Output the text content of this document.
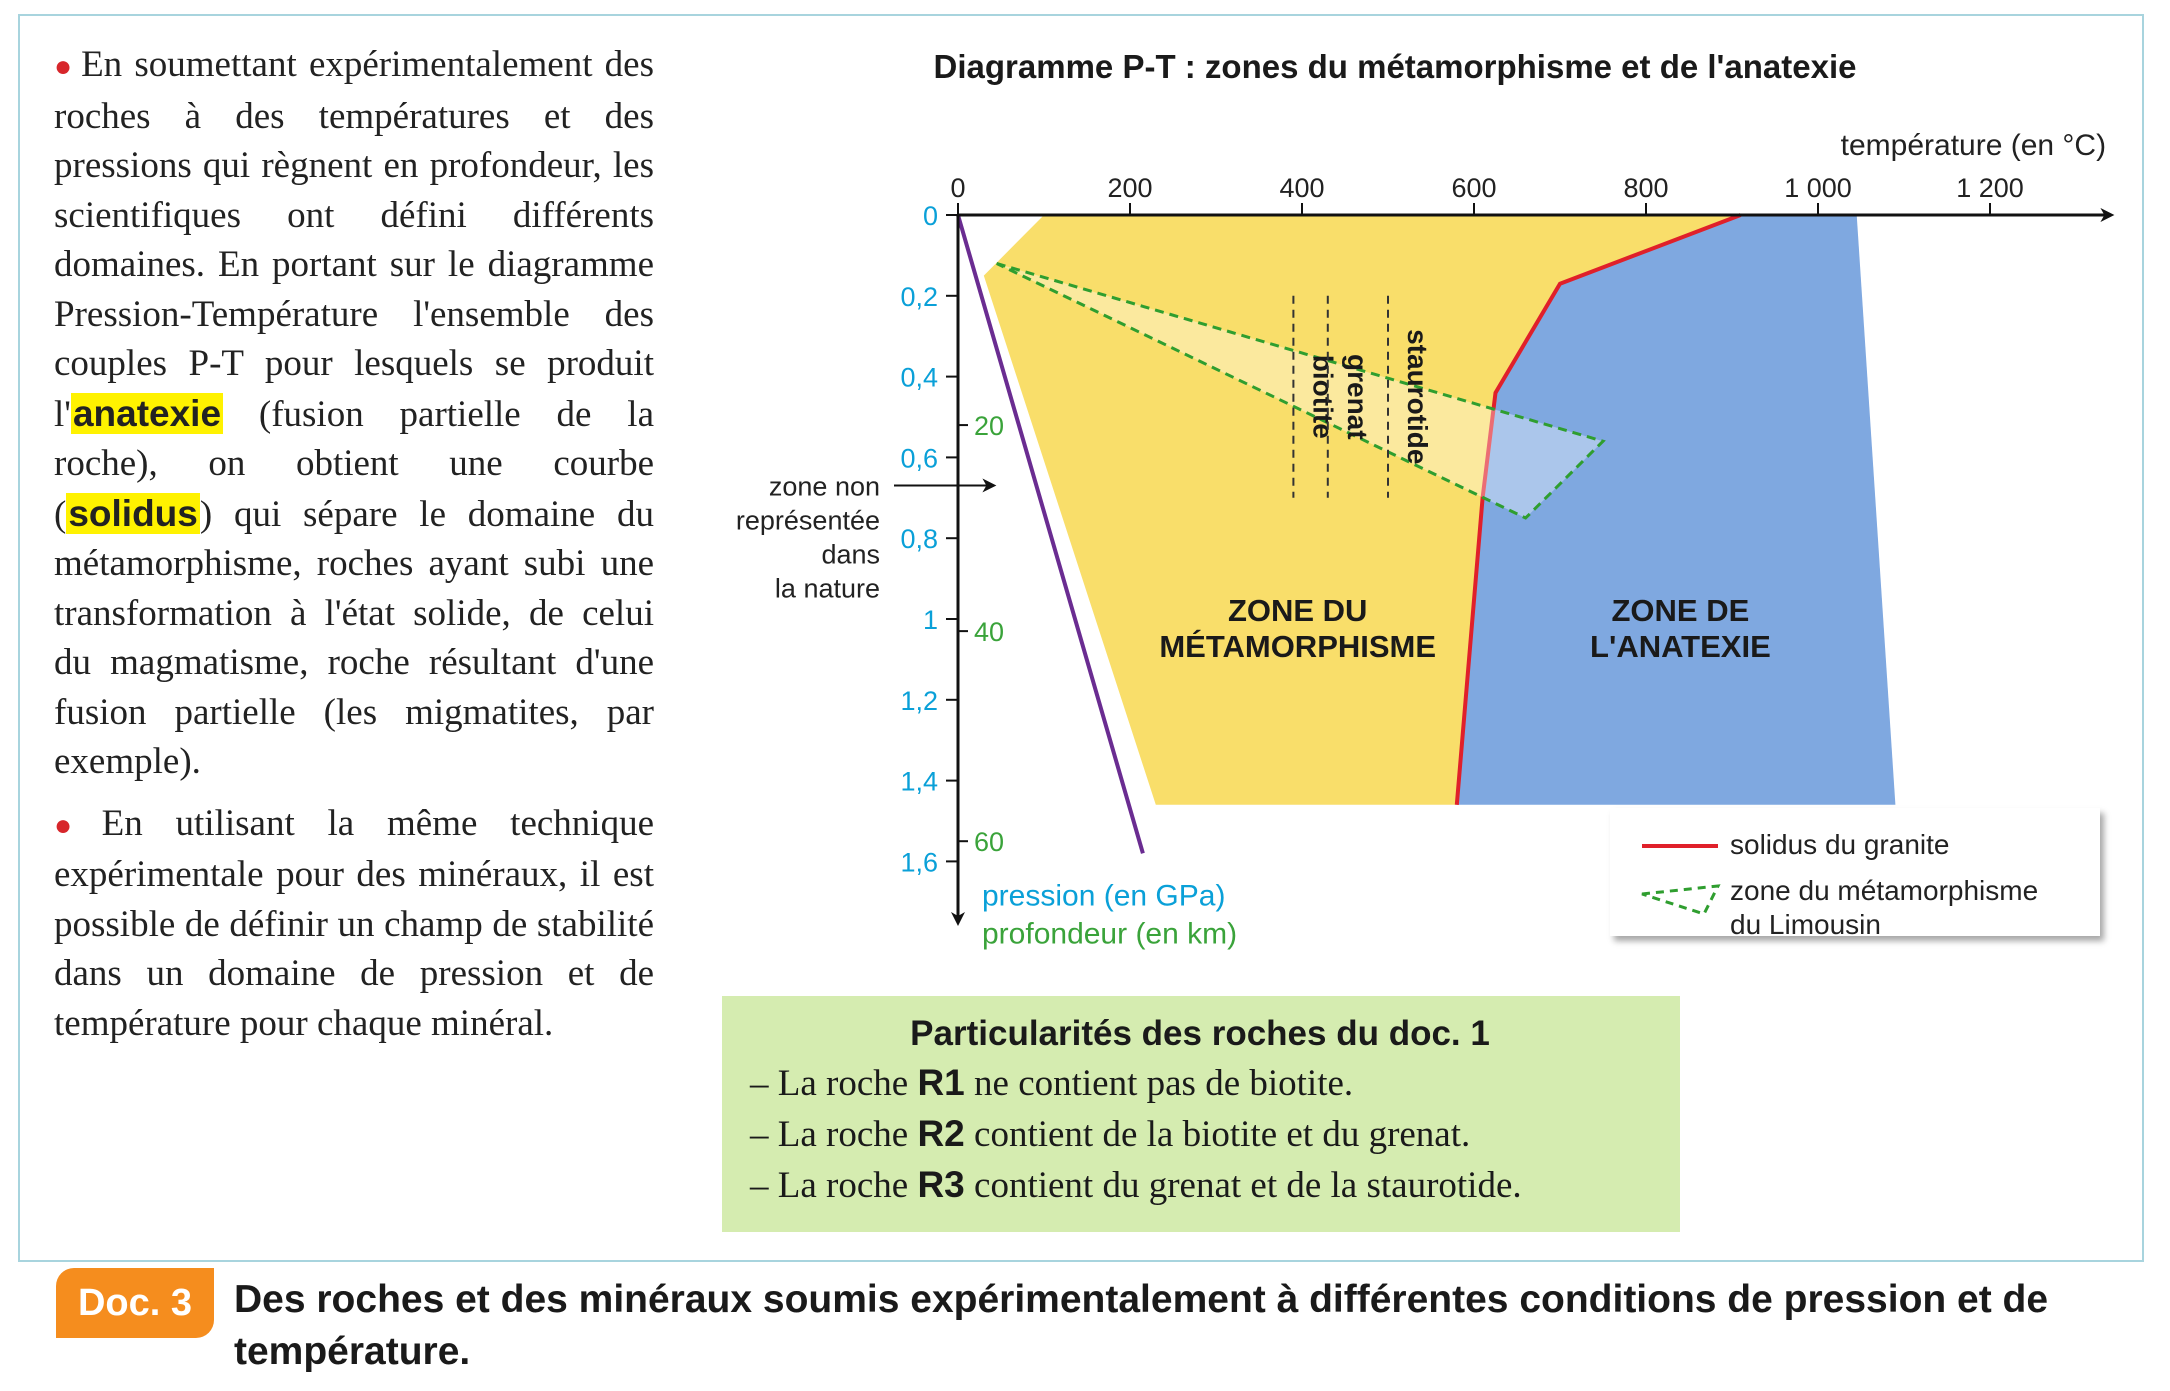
● En soumettant expérimentalement des roches à des températures et des pressions qui règnent en profondeur, les scientifiques ont défini différents domaines. En portant sur le diagramme Pression-Température l'ensemble des couples P-T pour lesquels se produit l'anatexie (fusion partielle de la roche), on obtient une courbe (solidus) qui sépare le domaine du métamorphisme, roches ayant subi une transformation à l'état solide, de celui du magmatisme, roche résultant d'une fusion partielle (les migmatites, par exemple).

● En utilisant la même technique expérimentale pour des minéraux, il est possible de définir un champ de stabilité dans un domaine de pression et de température pour chaque minéral.

Diagramme P-T : zones du métamorphisme et de l'anatexie
biotite grenat staurotide
0	200	400	600	800	1 000	1 200
0
0,2
0,4
0,6
0,8
1
1,2
1,4
1,6
20
40
60
température (en °C)
pression (en GPa)
profondeur (en km)
ZONE DU
MÉTAMORPHISME
ZONE DE
L'ANATEXIE
zone non
représentée
dans
la nature
solidus du granite
zone du métamorphisme
du Limousin
Particularités des roches du doc. 1
– La roche R1 ne contient pas de biotite.
– La roche R2 contient de la biotite et du grenat.
– La roche R3 contient du grenat et de la staurotide.
Doc. 3	Des roches et des minéraux soumis expérimentalement à différentes conditions de pression et de température.
